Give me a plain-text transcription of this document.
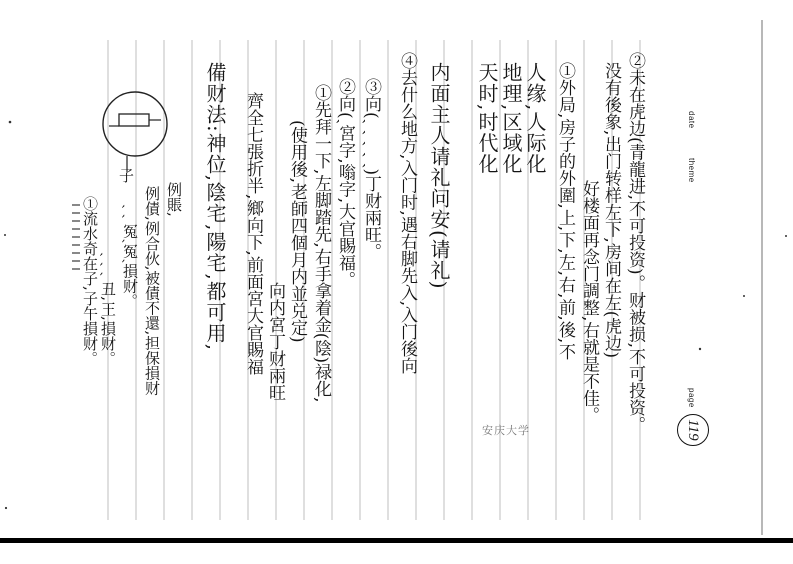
date
theme
page
119
②未在虎边(青龍进,不可投资)。财被损,不可投资。
没有後象,出门转样左下,房间在左(虎边)
好楼面再念门調整,右就是不佳。
①外局,房子的外圍,上,下,左,右,前,後,不
人缘,人际化
地理,区域化
天时,时代化
内面主人请礼问安(请礼)
④去什么地方,入门时,遇右脚先入,入门後向
③向(ˎ ˎ ˎ ˎ ˎ)丁财兩旺。
②向(ˎ宮字,嗡字,大官賜福。
①先拜一下,左脚踏先,右手拿着金(陰)禄化,
(使用後,老師四個月内並兑定)
向内宮丁财兩旺
齊全七張折半,鄉向下,前面宮大官賜福
備财法:神位,陰宅,陽宅,都可用,
例賬,
例債,例合伙,被債不還,担保損财
ˎ ˎ 冤ˎ冤ˎ損财。
ˎ ˎ ˎ 丑,王,損财。
①流水奇在子,子午損财。
子
安庆大学
